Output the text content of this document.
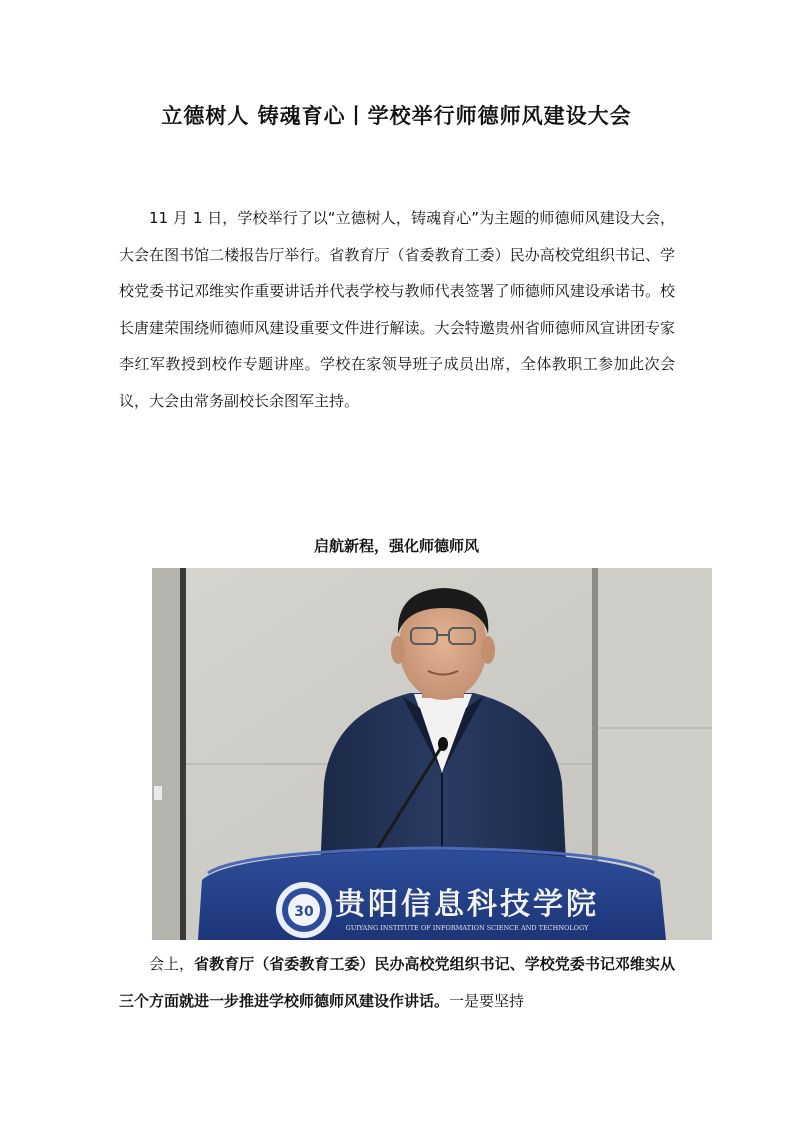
立德树人 铸魂育心丨学校举行师德师风建设大会

11 月 1 日，学校举行了以“立德树人，铸魂育心”为主题的师德师风建设大会，大会在图书馆二楼报告厅举行。省教育厅（省委教育工委）民办高校党组织书记、学校党委书记邓维实作重要讲话并代表学校与教师代表签署了师德师风建设承诺书。校长唐建荣围绕师德师风建设重要文件进行解读。大会特邀贵州省师德师风宣讲团专家李红军教授到校作专题讲座。学校在家领导班子成员出席，全体教职工参加此次会议，大会由常务副校长余图军主持。

启航新程，强化师德师风
30 贵阳信息科技学院
GUIYANG INSTITUTE OF INFORMATION SCIENCE AND TECHNOLOGY

会上，省教育厅（省委教育工委）民办高校党组织书记、学校党委书记邓维实从三个方面就进一步推进学校师德师风建设作讲话。一是要坚持
